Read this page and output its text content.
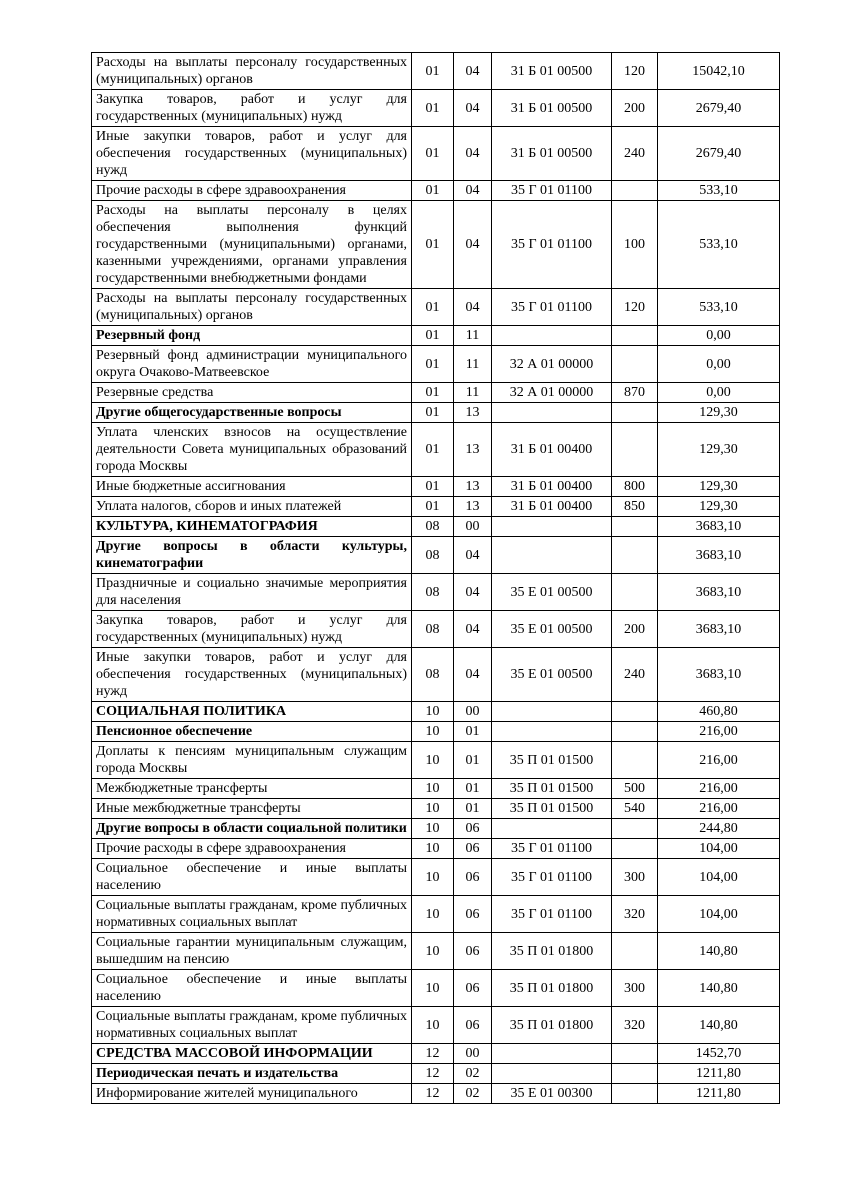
Расходы на выплаты персоналу государственных (муниципальных) органов	01	04	31 Б 01 00500	120	15042,10
Закупка товаров, работ и услуг для государственных (муниципальных) нужд	01	04	31 Б 01 00500	200	2679,40
Иные закупки товаров, работ и услуг для обеспечения государственных (муниципальных) нужд	01	04	31 Б 01 00500	240	2679,40
Прочие расходы в сфере здравоохранения	01	04	35 Г 01 01100		533,10
Расходы на выплаты персоналу в целях обеспечения выполнения функций государственными (муниципальными) органами, казенными учреждениями, органами управления государственными внебюджетными фондами	01	04	35 Г 01 01100	100	533,10
Расходы на выплаты персоналу государственных (муниципальных) органов	01	04	35 Г 01 01100	120	533,10
Резервный фонд	01	11			0,00
Резервный фонд администрации муниципального округа Очаково-Матвеевское	01	11	32 А 01 00000		0,00
Резервные средства	01	11	32 А 01 00000	870	0,00
Другие общегосударственные вопросы	01	13			129,30
Уплата членских взносов на осуществление деятельности Совета муниципальных образований города Москвы	01	13	31 Б 01 00400		129,30
Иные бюджетные ассигнования	01	13	31 Б 01 00400	800	129,30
Уплата налогов, сборов и иных платежей	01	13	31 Б 01 00400	850	129,30
КУЛЬТУРА, КИНЕМАТОГРАФИЯ	08	00			3683,10
Другие вопросы в области культуры, кинематографии	08	04			3683,10
Праздничные и социально значимые мероприятия для населения	08	04	35 Е 01 00500		3683,10
Закупка товаров, работ и услуг для государственных (муниципальных) нужд	08	04	35 Е 01 00500	200	3683,10
Иные закупки товаров, работ и услуг для обеспечения государственных (муниципальных) нужд	08	04	35 Е 01 00500	240	3683,10
СОЦИАЛЬНАЯ ПОЛИТИКА	10	00			460,80
Пенсионное обеспечение	10	01			216,00
Доплаты к пенсиям муниципальным служащим города Москвы	10	01	35 П 01 01500		216,00
Межбюджетные трансферты	10	01	35 П 01 01500	500	216,00
Иные межбюджетные трансферты	10	01	35 П 01 01500	540	216,00
Другие вопросы в области социальной политики	10	06			244,80
Прочие расходы в сфере здравоохранения	10	06	35 Г 01 01100		104,00
Социальное обеспечение и иные выплаты населению	10	06	35 Г 01 01100	300	104,00
Социальные выплаты гражданам, кроме публичных нормативных социальных выплат	10	06	35 Г 01 01100	320	104,00
Социальные гарантии муниципальным служащим, вышедшим на пенсию	10	06	35 П 01 01800		140,80
Социальное обеспечение и иные выплаты населению	10	06	35 П 01 01800	300	140,80
Социальные выплаты гражданам, кроме публичных нормативных социальных выплат	10	06	35 П 01 01800	320	140,80
СРЕДСТВА МАССОВОЙ ИНФОРМАЦИИ	12	00			1452,70
Периодическая печать и издательства	12	02			1211,80
Информирование жителей муниципального	12	02	35 Е 01 00300		1211,80
